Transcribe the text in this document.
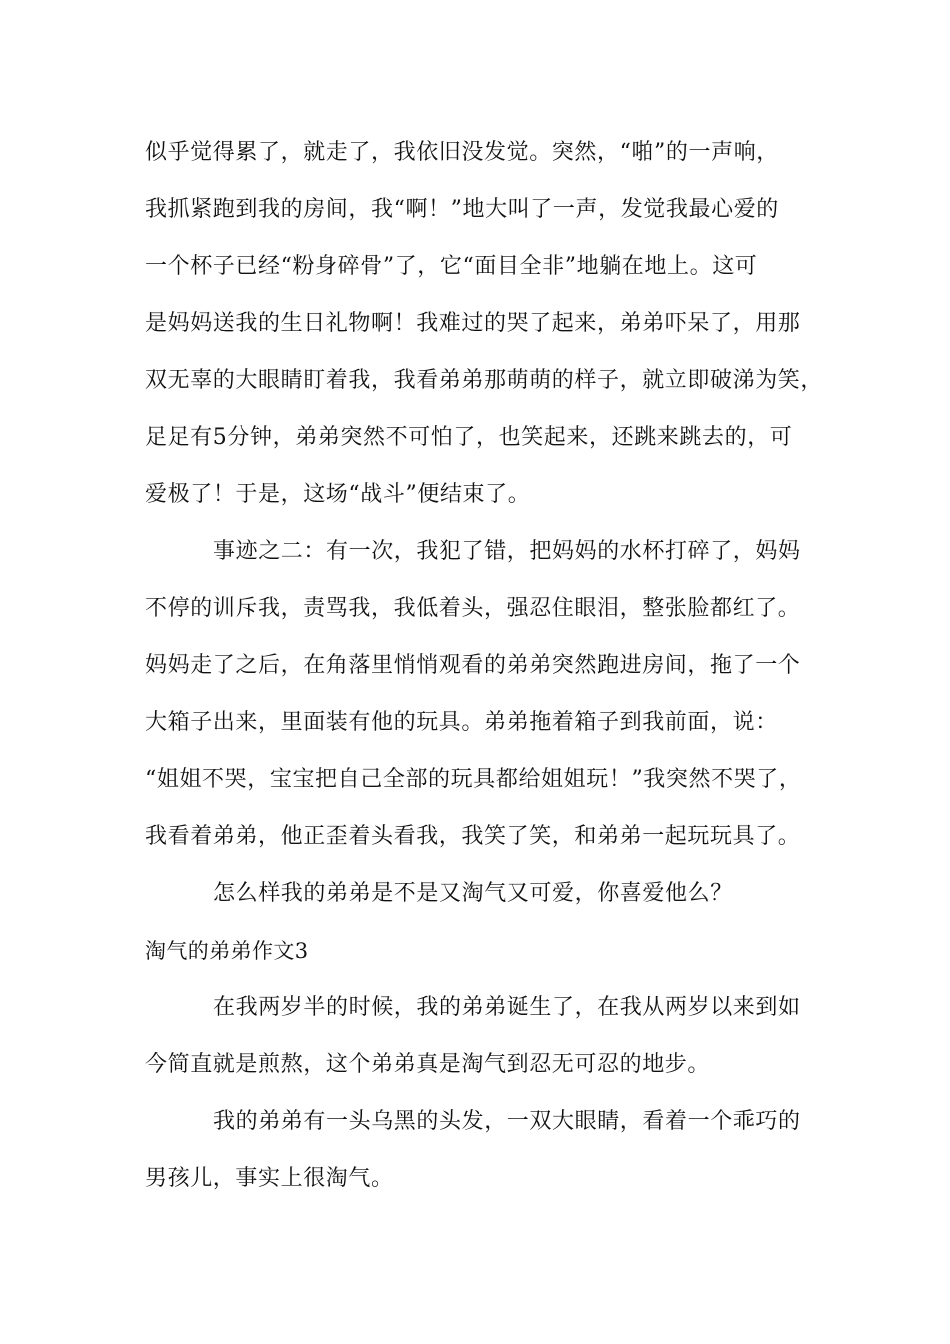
似乎觉得累了，就走了，我依旧没发觉。突然，“啪”的一声响，
我抓紧跑到我的房间，我“啊！”地大叫了一声，发觉我最心爱的
一个杯子已经“粉身碎骨”了，它“面目全非”地躺在地上。这可
是妈妈送我的生日礼物啊！我难过的哭了起来，弟弟吓呆了，用那
双无辜的大眼睛盯着我，我看弟弟那萌萌的样子，就立即破涕为笑，
足足有5分钟，弟弟突然不可怕了，也笑起来，还跳来跳去的，可
爱极了！于是，这场“战斗”便结束了。
事迹之二：有一次，我犯了错，把妈妈的水杯打碎了，妈妈
不停的训斥我，责骂我，我低着头，强忍住眼泪，整张脸都红了。
妈妈走了之后，在角落里悄悄观看的弟弟突然跑进房间，拖了一个
大箱子出来，里面装有他的玩具。弟弟拖着箱子到我前面，说：
“姐姐不哭，宝宝把自己全部的玩具都给姐姐玩！”我突然不哭了，
我看着弟弟，他正歪着头看我，我笑了笑，和弟弟一起玩玩具了。
怎么样我的弟弟是不是又淘气又可爱，你喜爱他么？
淘气的弟弟作文3
在我两岁半的时候，我的弟弟诞生了，在我从两岁以来到如
今简直就是煎熬，这个弟弟真是淘气到忍无可忍的地步。
我的弟弟有一头乌黑的头发，一双大眼睛，看着一个乖巧的
男孩儿，事实上很淘气。
